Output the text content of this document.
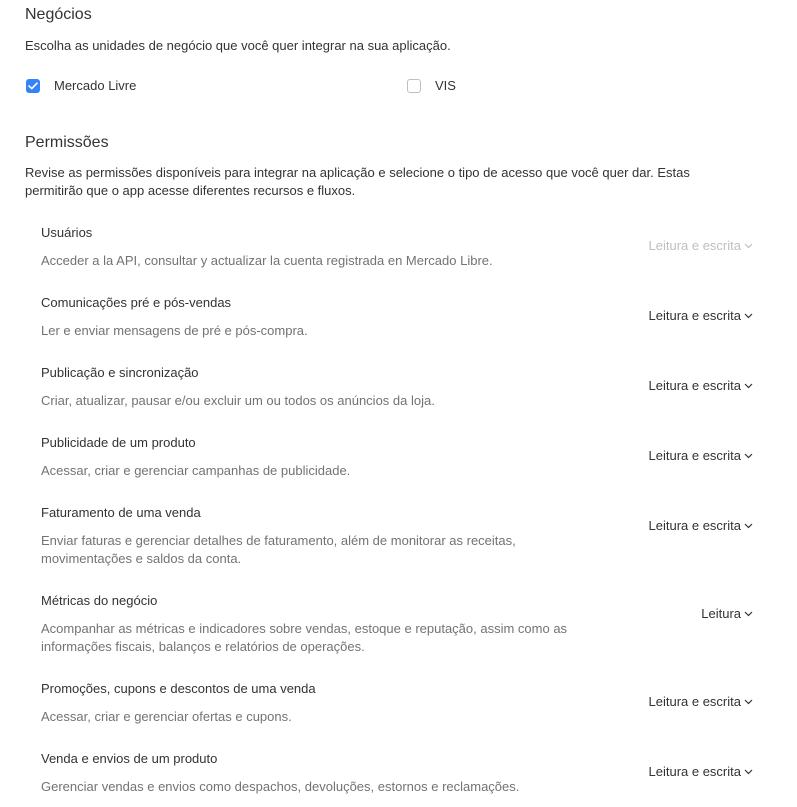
Negócios

Escolha as unidades de negócio que você quer integrar na sua aplicação.

Mercado Livre	VIS
Permissões

Revise as permissões disponíveis para integrar na aplicação e selecione o tipo de acesso que você quer dar. Estas permitirão que o app acesse diferentes recursos e fluxos.

Usuários
Acceder a la API, consultar y actualizar la cuenta registrada en Mercado Libre.
Leitura e escrita
Comunicações pré e pós-vendas
Ler e enviar mensagens de pré e pós-compra.
Leitura e escrita
Publicação e sincronização
Criar, atualizar, pausar e/ou excluir um ou todos os anúncios da loja.
Leitura e escrita
Publicidade de um produto
Acessar, criar e gerenciar campanhas de publicidade.
Leitura e escrita
Faturamento de uma venda
Enviar faturas e gerenciar detalhes de faturamento, além de monitorar as receitas, movimentações e saldos da conta.
Leitura e escrita
Métricas do negócio
Acompanhar as métricas e indicadores sobre vendas, estoque e reputação, assim como as informações fiscais, balanços e relatórios de operações.
Leitura
Promoções, cupons e descontos de uma venda
Acessar, criar e gerenciar ofertas e cupons.
Leitura e escrita
Venda e envios de um produto
Gerenciar vendas e envios como despachos, devoluções, estornos e reclamações.
Leitura e escrita
